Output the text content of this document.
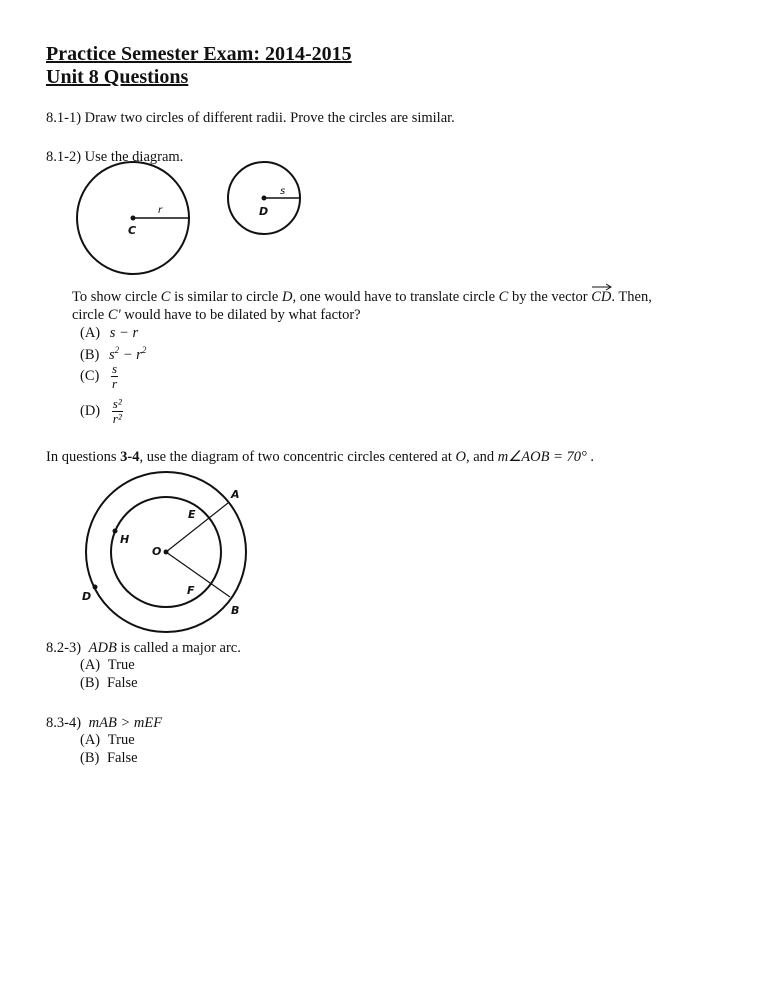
Practice Semester Exam: 2014-2015
Unit 8 Questions
8.1-1) Draw two circles of different radii. Prove the circles are similar.
8.1-2) Use the diagram.
C
r	D
s
To show circle C is similar to circle D, one would have to translate circle C by the vector CD
. Then,
circle C' would have to be dilated by what factor?
(A) s − r
(B) $s^2 - r^2$
$(C) \frac{s}{r}$
$(D) \frac{\text{s²}}{\text{r²}}$
In questions 3-4, use the diagram of two concentric circles centered at O, and m∠AOB = 70° .
A
E
H
O
F
D
B
8.2-3) ADB is called a major arc.
(A) True
(B) False
8.3-4) mAB > mEF
(A) True
(B) False
